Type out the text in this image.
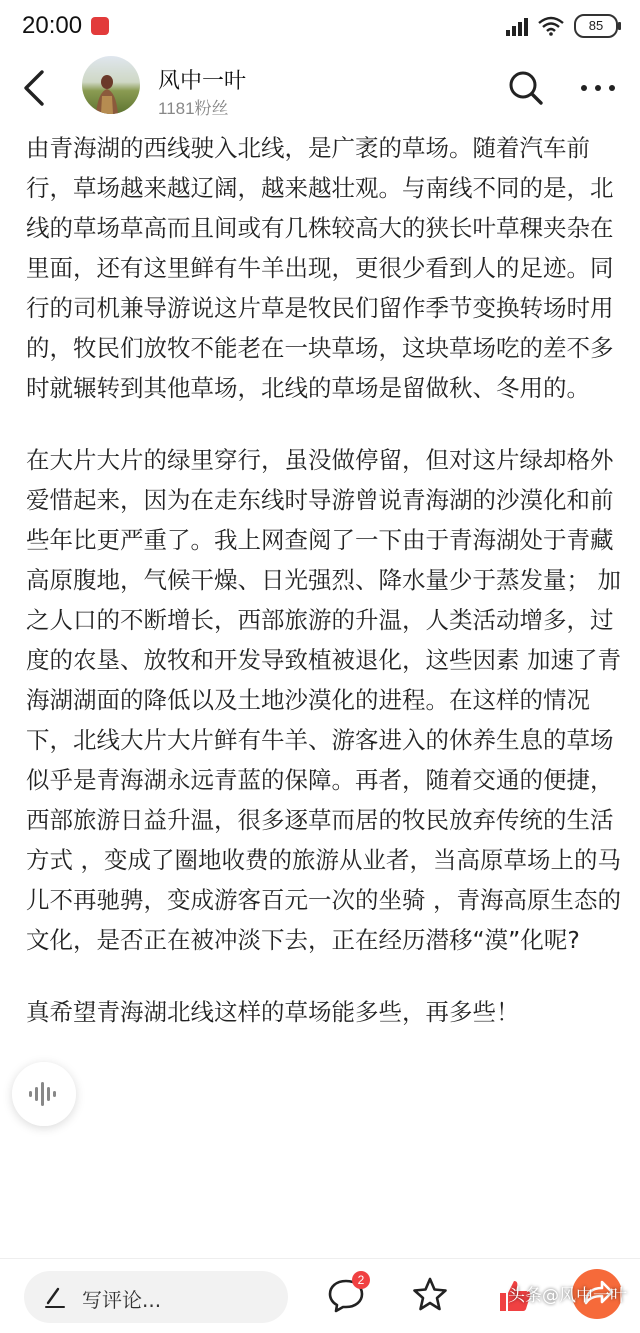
20:00	85
风中一叶
1181粉丝

由青海湖的西线驶入北线，是广袤的草场。随着汽车前行，草场越来越辽阔，越来越壮观。与南线不同的是，北线的草场草高而且间或有几株较高大的狭长叶草稞夹杂在里面，还有这里鲜有牛羊出现，更很少看到人的足迹。同行的司机兼导游说这片草是牧民们留作季节变换转场时用的，牧民们放牧不能老在一块草场，这块草场吃的差不多时就辗转到其他草场，北线的草场是留做秋、冬用的。

在大片大片的绿里穿行，虽没做停留，但对这片绿却格外爱惜起来，因为在走东线时导游曾说青海湖的沙漠化和前些年比更严重了。我上网查阅了一下由于青海湖处于青藏高原腹地，气候干燥、日光强烈、降水量少于蒸发量； 加之人口的不断增长，西部旅游的升温，人类活动增多，过度的农垦、放牧和开发导致植被退化，这些因素 加速了青海湖湖面的降低以及土地沙漠化的进程。在这样的情况下，北线大片大片鲜有牛羊、游客进入的休养生息的草场似乎是青海湖永远青蓝的保障。再者，随着交通的便捷，西部旅游日益升温，很多逐草而居的牧民放弃传统的生活方式 ，变成了圈地收费的旅游从业者，当高原草场上的马儿不再驰骋，变成游客百元一次的坐骑 ，青海高原生态的文化，是否正在被冲淡下去，正在经历潜移“漠”化呢?

真希望青海湖北线这样的草场能多些，再多些！

写评论...
2
头条@风中一叶
